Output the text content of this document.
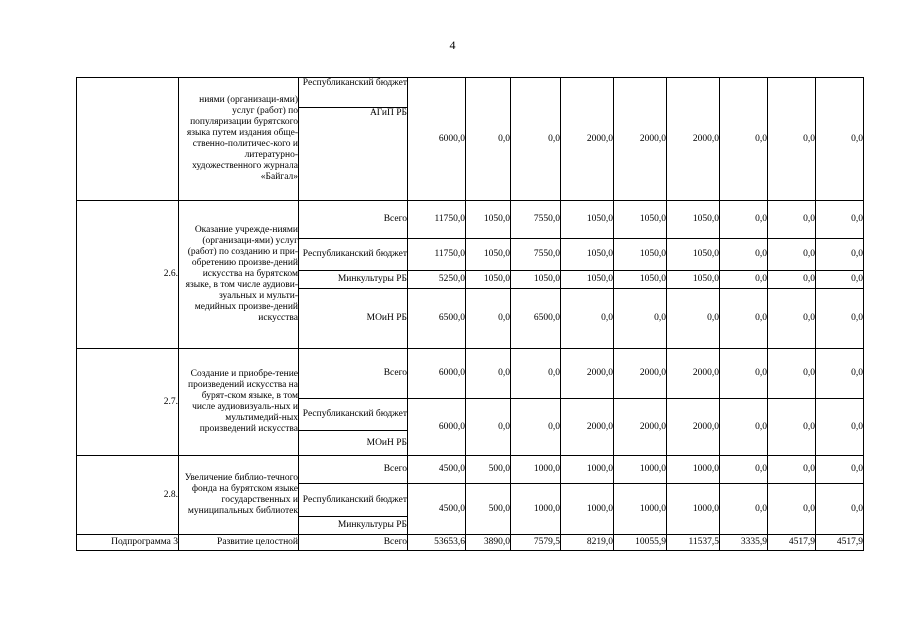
4
	ниями (организаци-ями) услуг (работ) по популяризации бурятского языка путем издания обще-ственно-политичес-кого и литературно-художественного журнала «Байгал»	Республиканский бюджет	6000,0	0,0	0,0	2000,0	2000,0	2000,0	0,0	0,0	0,0
		АГиП РБ									
2.6.	Оказание учрежде-ниями (организаци-ями) услуг (работ) по созданию и при-обретению произве-дений искусства на бурятском языке, в том числе аудиови-зуальных и мульти-медийных произве-дений искусства	Всего	11750,0	1050,0	7550,0	1050,0	1050,0	1050,0	0,0	0,0	0,0
		Республиканский бюджет	11750,0	1050,0	7550,0	1050,0	1050,0	1050,0	0,0	0,0	0,0
		Минкультуры РБ	5250,0	1050,0	1050,0	1050,0	1050,0	1050,0	0,0	0,0	0,0
		МОиН РБ	6500,0	0,0	6500,0	0,0	0,0	0,0	0,0	0,0	0,0
2.7.	Создание и приобре-тение произведений искусства на бурят-ском языке, в том числе аудиовизуаль-ных и мультимедий-ных произведений искусства	Всего	6000,0	0,0	0,0	2000,0	2000,0	2000,0	0,0	0,0	0,0
		Республиканский бюджет	6000,0	0,0	0,0	2000,0	2000,0	2000,0	0,0	0,0	0,0
		МОиН РБ									
2.8.	Увеличение библио-течного фонда на бурятском языке государственных и муниципальных библиотек	Всего	4500,0	500,0	1000,0	1000,0	1000,0	1000,0	0,0	0,0	0,0
		Республиканский бюджет	4500,0	500,0	1000,0	1000,0	1000,0	1000,0	0,0	0,0	0,0
		Минкультуры РБ									
Подпрограмма 3	Развитие целостной	Всего	53653,6	3890,0	7579,5	8219,0	10055,9	11537,5	3335,9	4517,9	4517,9
